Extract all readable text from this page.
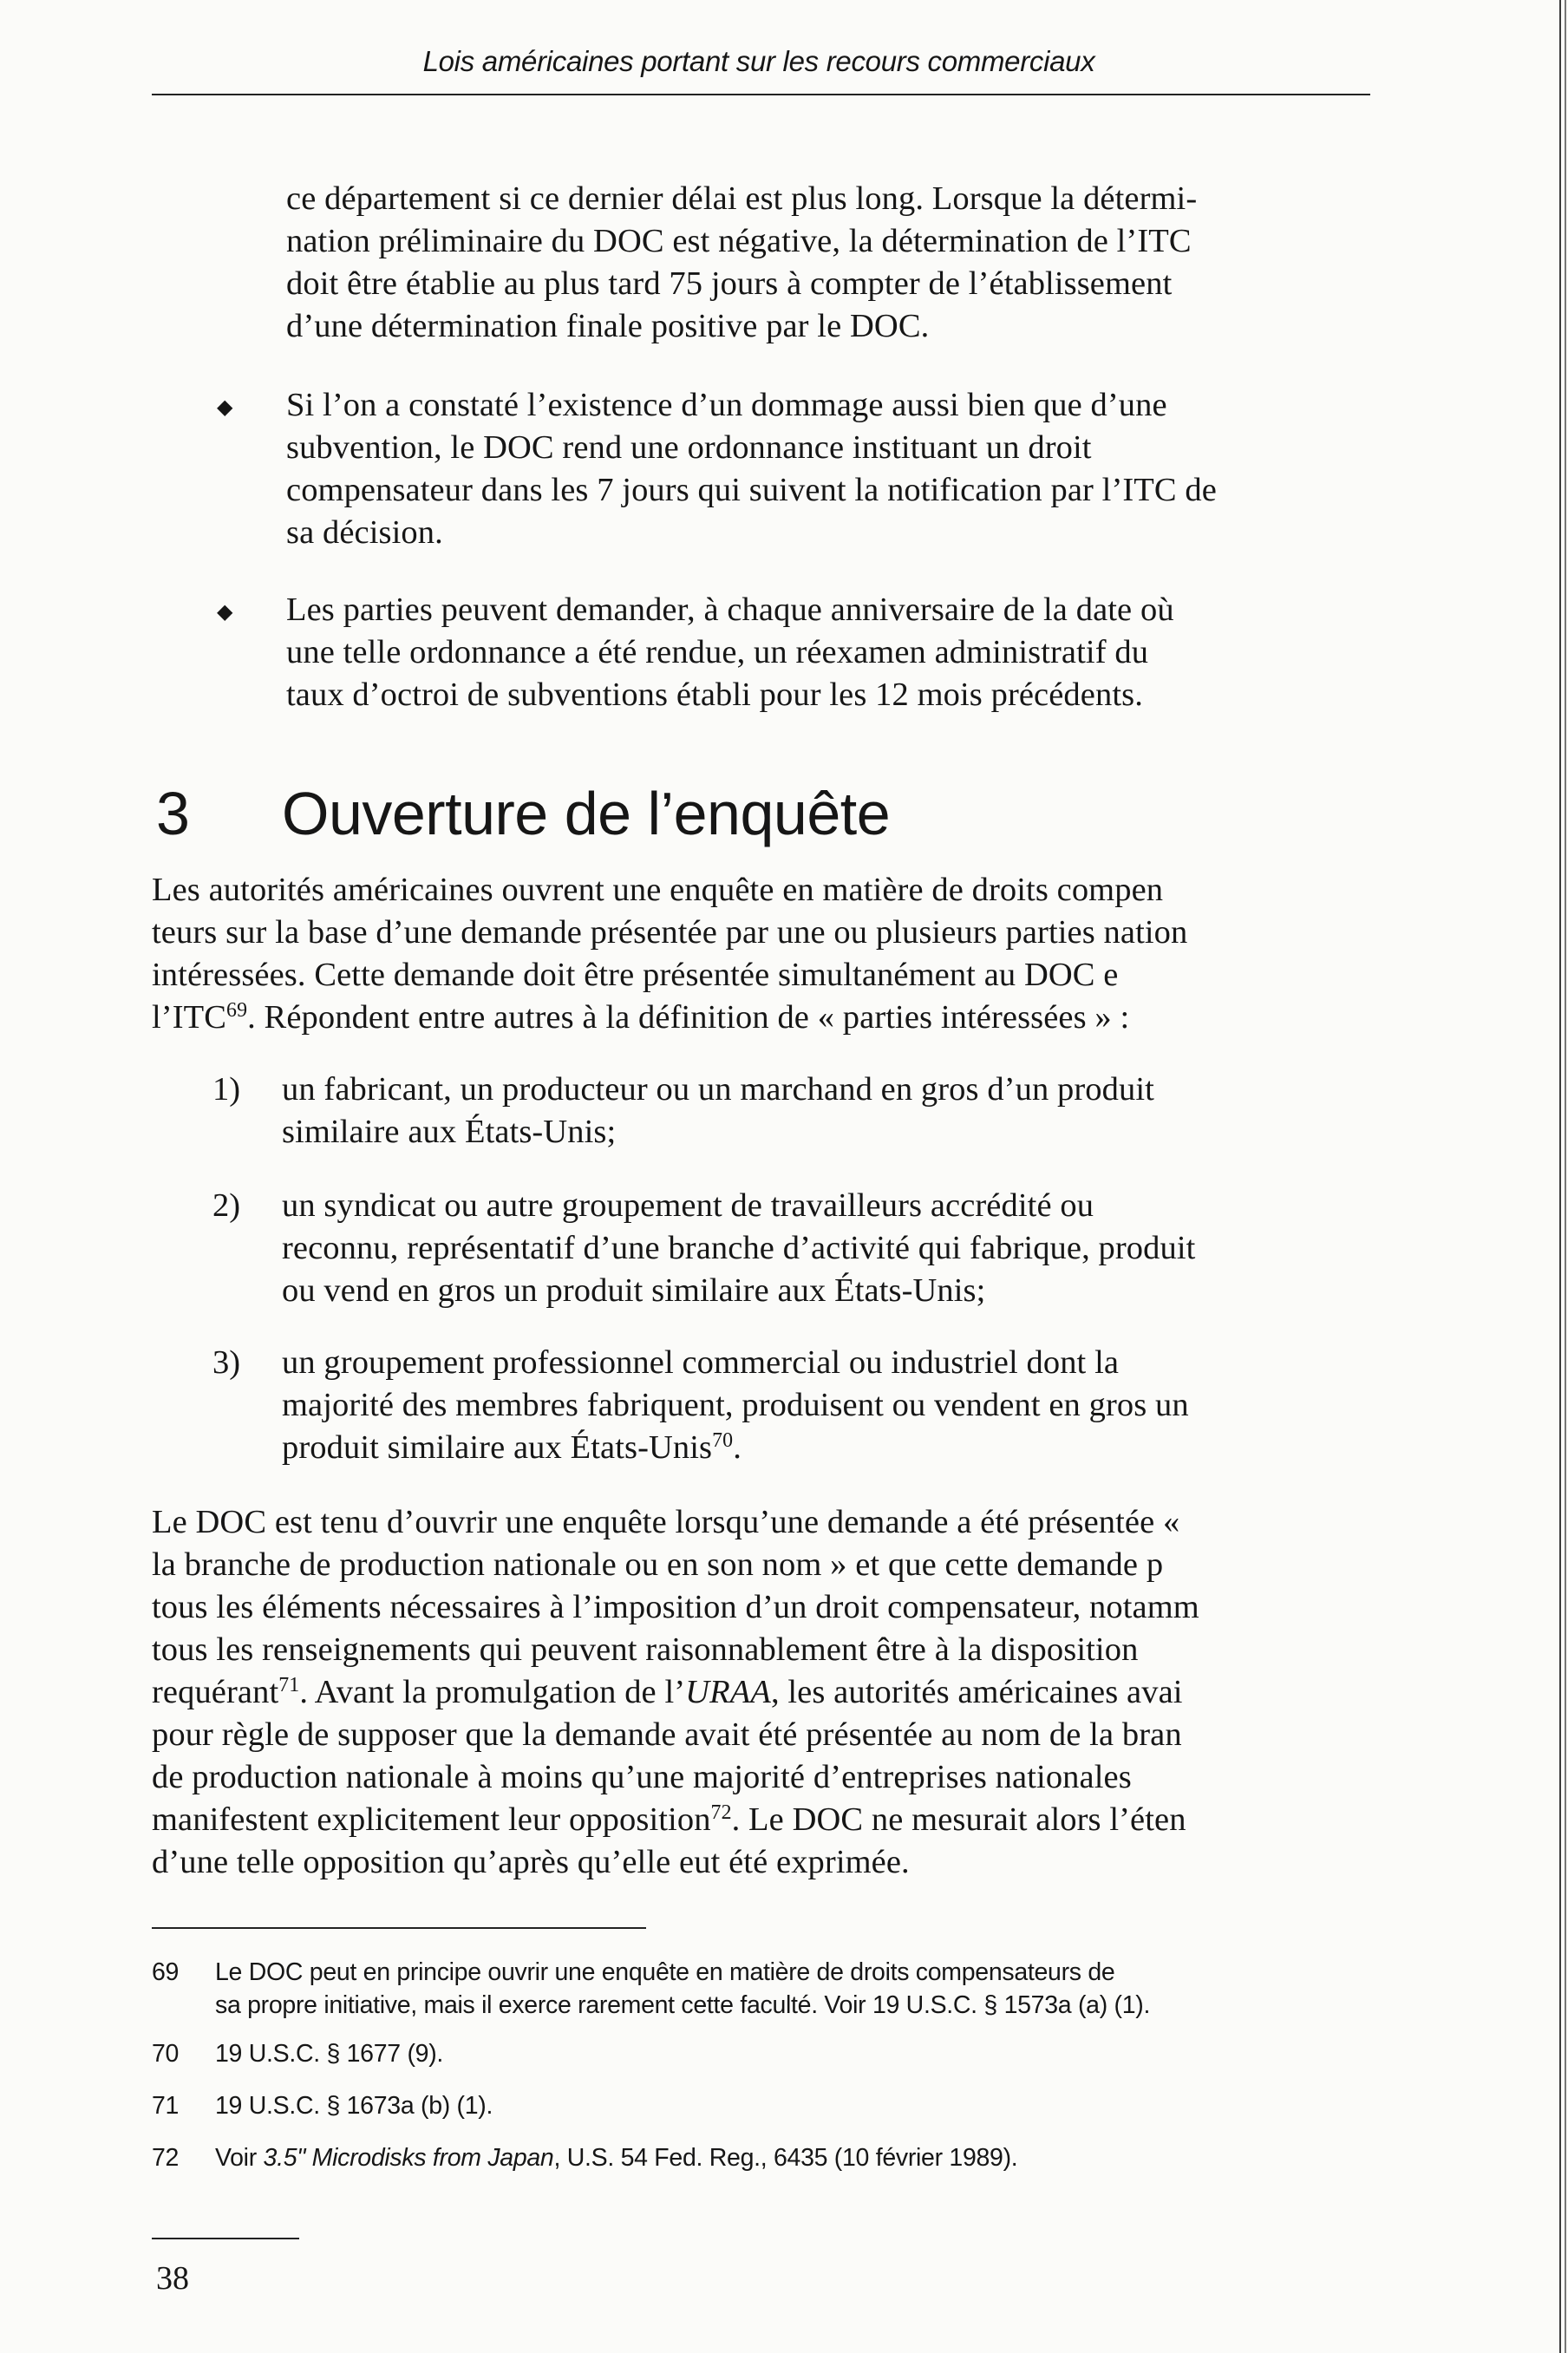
Lois américaines portant sur les recours commerciaux
ce département si ce dernier délai est plus long. Lorsque la détermi-
nation préliminaire du DOC est négative, la détermination de l’ITC
doit être établie au plus tard 75 jours à compter de l’établissement
d’une détermination finale positive par le DOC.
◆ Si l’on a constaté l’existence d’un dommage aussi bien que d’une
subvention, le DOC rend une ordonnance instituant un droit
compensateur dans les 7 jours qui suivent la notification par l’ITC de
sa décision.
◆ Les parties peuvent demander, à chaque anniversaire de la date où
une telle ordonnance a été rendue, un réexamen administratif du
taux d’octroi de subventions établi pour les 12 mois précédents.
3 Ouverture de l’enquête
Les autorités américaines ouvrent une enquête en matière de droits compen
teurs sur la base d’une demande présentée par une ou plusieurs parties nation
intéressées. Cette demande doit être présentée simultanément au DOC e
l’ITC$^{69}$. Répondent entre autres à la définition de « parties intéressées » :
1) un fabricant, un producteur ou un marchand en gros d’un produit
similaire aux États-Unis;
2) un syndicat ou autre groupement de travailleurs accrédité ou
reconnu, représentatif d’une branche d’activité qui fabrique, produit
ou vend en gros un produit similaire aux États-Unis;
3) un groupement professionnel commercial ou industriel dont la
majorité des membres fabriquent, produisent ou vendent en gros un
produit similaire aux États-Unis$^{70}$.
Le DOC est tenu d’ouvrir une enquête lorsqu’une demande a été présentée «
la branche de production nationale ou en son nom » et que cette demande p
tous les éléments nécessaires à l’imposition d’un droit compensateur, notamm
tous les renseignements qui peuvent raisonnablement être à la disposition
requérant$^{71}$. Avant la promulgation de l’URAA, les autorités américaines avai
pour règle de supposer que la demande avait été présentée au nom de la bran
de production nationale à moins qu’une majorité d’entreprises nationales
manifestent explicitement leur opposition$^{72}$. Le DOC ne mesurait alors l’éten
d’une telle opposition qu’après qu’elle eut été exprimée.
69 Le DOC peut en principe ouvrir une enquête en matière de droits compensateurs de
sa propre initiative, mais il exerce rarement cette faculté. Voir 19 U.S.C. § 1573a (a) (1).
70 19 U.S.C. § 1677 (9).
71 19 U.S.C. § 1673a (b) (1).
72 Voir 3.5" Microdisks from Japan, U.S. 54 Fed. Reg., 6435 (10 février 1989).
38
